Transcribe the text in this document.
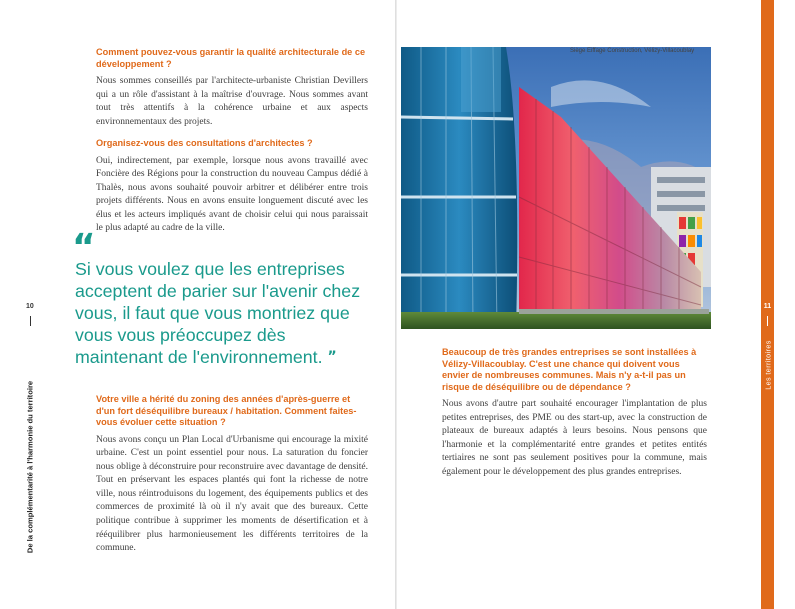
Comment pouvez-vous garantir la qualité architecturale de ce développement ?

Nous sommes conseillés par l'architecte-urbaniste Christian Devillers qui a un rôle d'assistant à la maîtrise d'ouvrage. Nous sommes avant tout très attentifs à la cohérence urbaine et aux aspects environnementaux des projets.

Organisez-vous des consultations d'architectes ?

Oui, indirectement, par exemple, lorsque nous avons travaillé avec Foncière des Régions pour la construction du nouveau Campus dédié à Thalès, nous avons souhaité pouvoir arbitrer et délibérer entre trois projets différents. Nous en avons ensuite longuement discuté avec les élus et les acteurs impliqués avant de choisir celui qui nous paraissait le plus adapté au cadre de la ville.

“

Si vous voulez que les entreprises acceptent de parier sur l'avenir chez vous, il faut que vous montriez que vous vous préoccupez dès maintenant de l'environnement. ”

Votre ville a hérité du zoning des années d'après-guerre et d'un fort déséquilibre bureaux / habitation. Comment faites-vous évoluer cette situation ?

Nous avons conçu un Plan Local d'Urbanisme qui encourage la mixité urbaine. C'est un point essentiel pour nous. La saturation du foncier nous oblige à déconstruire pour reconstruire avec davantage de densité. Tout en préservant les espaces plantés qui font la richesse de notre ville, nous réintroduisons du logement, des équipements publics et des commerces de proximité là où il n'y avait que des bureaux. Cette politique contribue à supprimer les moments de désertification et à rééquilibrer plus harmonieusement les différents territoires de la commune.

10
De la complémentarité à l'harmonie du territoire
Siège Eiffage Construction, Vélizy-Villacoublay

Beaucoup de très grandes entreprises se sont installées à Vélizy-Villacoublay. C'est une chance qui doivent vous envier de nombreuses communes. Mais n'y a-t-il pas un risque de déséquilibre ou de dépendance ?

Nous avons d'autre part souhaité encourager l'implantation de plus petites entreprises, des PME ou des start-up, avec la construction de plateaux de bureaux adaptés à leurs besoins. Nous pensons que l'harmonie et la complémentarité entre grandes et petites entités tertiaires ne sont pas seulement positives pour la commune, mais également pour le développement des plus grandes entreprises.

11
Les territoires
